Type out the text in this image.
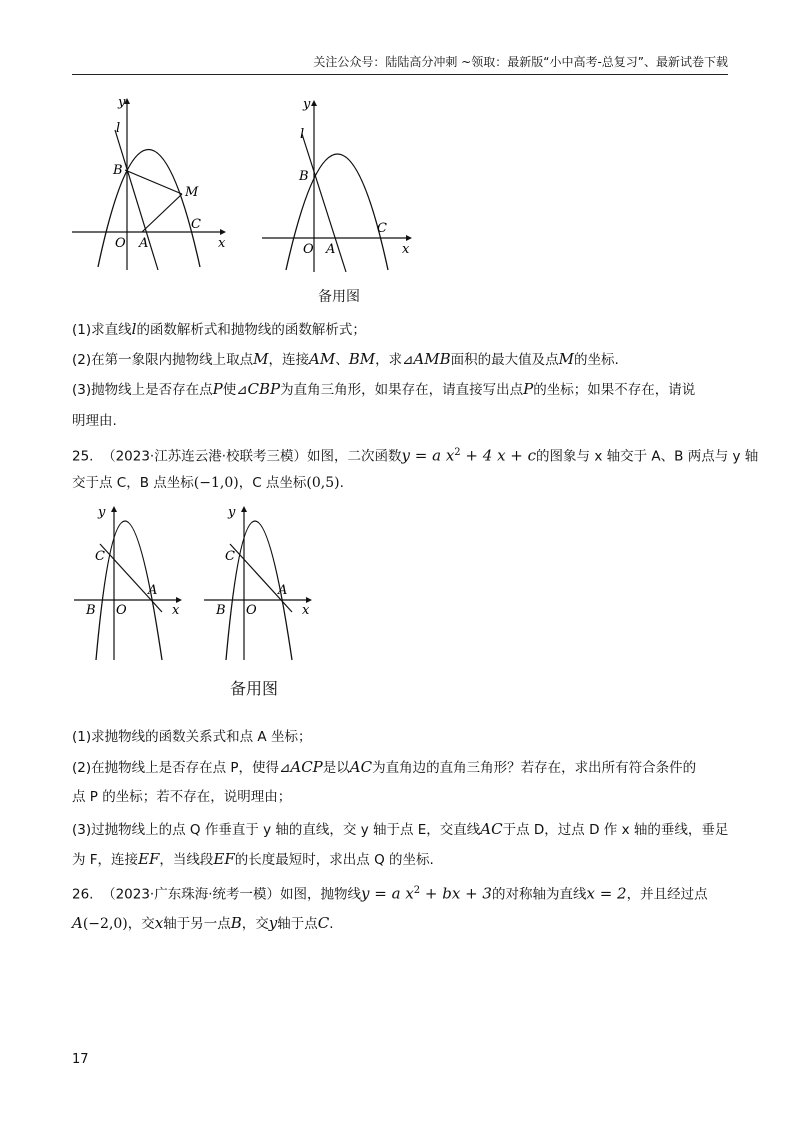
关注公众号：陆陆高分冲刺 ~领取：最新版“小中高考-总复习”、最新试卷下载
y
l
B
M
C
O A	x
y
l
B
C
O A	x
备用图
(1)求直线l的函数解析式和抛物线的函数解析式；
(2)在第一象限内抛物线上取点M，连接AM、BM，求⊿AMB面积的最大值及点M的坐标.
(3)抛物线上是否存在点P使⊿CBP为直角三角形，如果存在，请直接写出点P的坐标；如果不存在，请说
明理由.
25. （2023·江苏连云港·校联考三模）如图，二次函数y = a $x^2 + 4$ x + c的图象与 x 轴交于 A、B 两点与 y 轴
交于点 C，B 点坐标(−1,0)，C 点坐标(0,5).
y
C
A
B O	x
y
C
A
B O	x
备用图
(1)求抛物线的函数关系式和点 A 坐标；
(2)在抛物线上是否存在点 P，使得⊿ACP是以AC为直角边的直角三角形？若存在，求出所有符合条件的
点 P 的坐标；若不存在，说明理由；
(3)过抛物线上的点 Q 作垂直于 y 轴的直线，交 y 轴于点 E，交直线AC于点 D，过点 D 作 x 轴的垂线，垂足
为 F，连接EF，当线段EF的长度最短时，求出点 Q 的坐标.
26. （2023·广东珠海·统考一模）如图，抛物线y = a $x^2$ + bx + 3的对称轴为直线x = 2，并且经过点
A(−2,0)，交x轴于另一点B，交y轴于点C.
17
